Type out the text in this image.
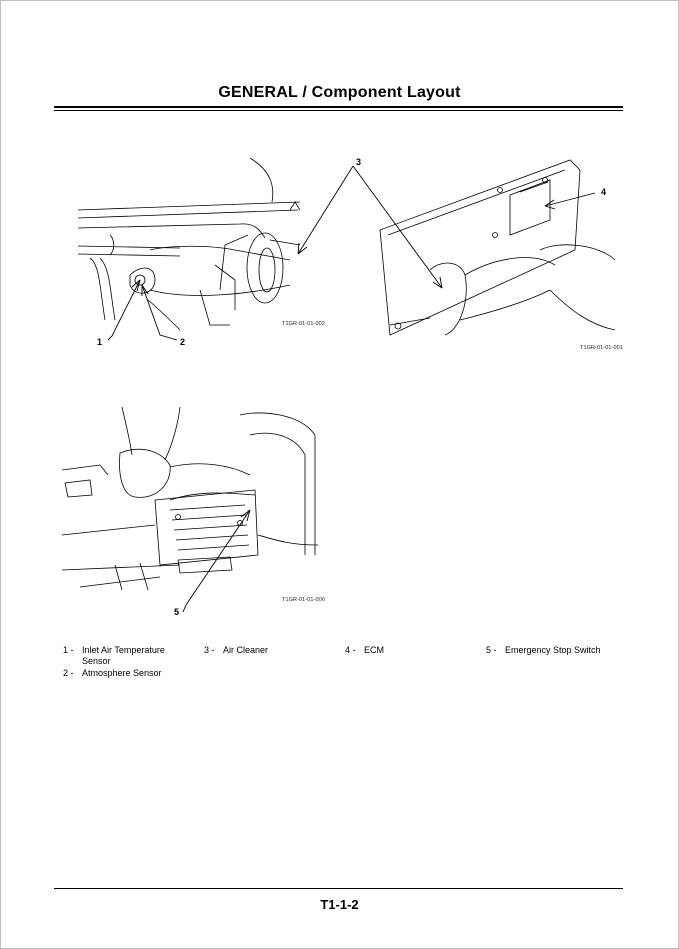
GENERAL / Component Layout
T1GR-01-01-002
T1GR-01-01-001
T1GR-01-01-006
1	2
3
4
5
1 - Inlet Air Temperature
Sensor
2 - Atmosphere Sensor
3 - Air Cleaner	4 - ECM	5 - Emergency Stop Switch
T1-1-2
